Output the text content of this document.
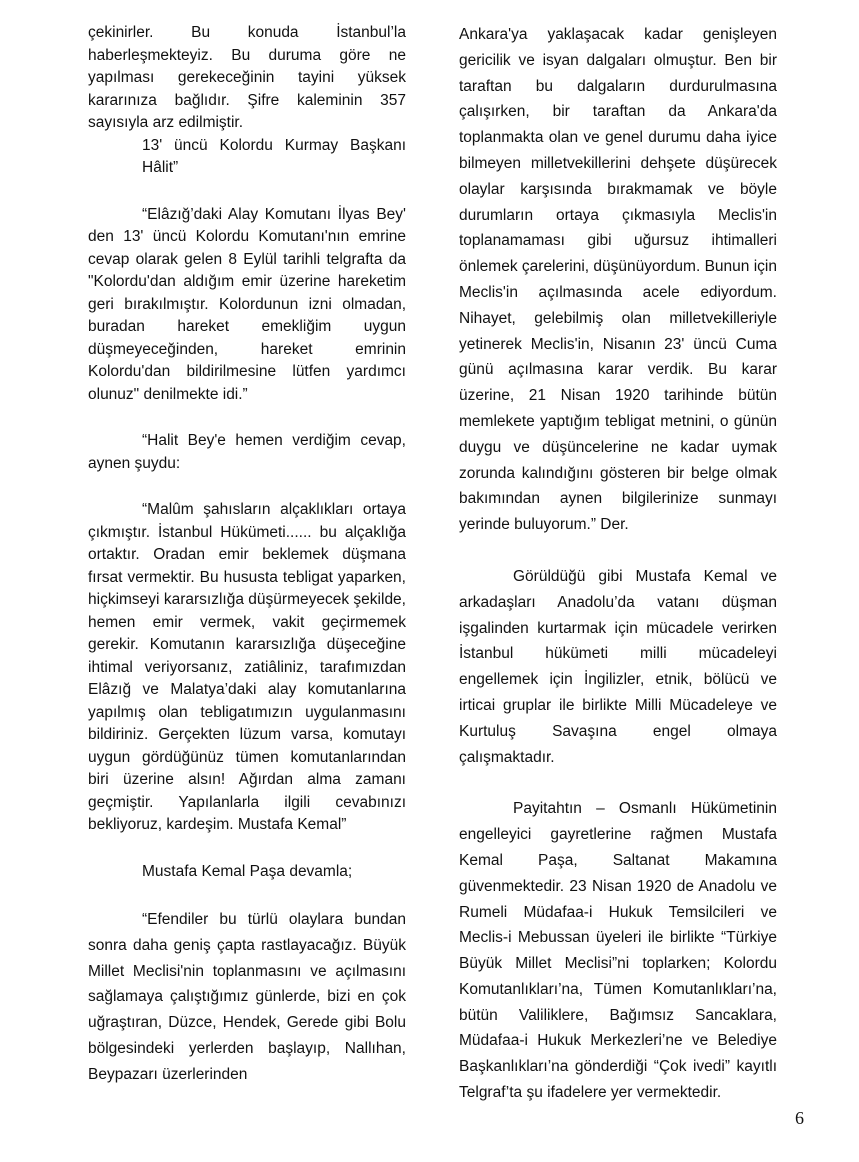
çekinirler. Bu konuda İstanbul’la haberleşmekteyiz. Bu duruma göre ne yapılması gerekeceğinin tayini yüksek kararınıza bağlıdır. Şifre kaleminin 357 sayısıyla arz edilmiştir.

13' üncü Kolordu Kurmay Başkanı Hâlit”

“Elâzığ’daki Alay Komutanı İlyas Bey' den 13' üncü Kolordu Komutanı'nın emrine cevap olarak gelen 8 Eylül tarihli telgrafta da "Kolordu'dan aldığım emir üzerine hareketim geri bırakılmıştır. Kolordunun izni olmadan, buradan hareket emekliğim uygun düşmeyeceğinden, hareket emrinin Kolordu'dan bildirilmesine lütfen yardımcı olunuz" denilmekte idi.”

“Halit Bey'e hemen verdiğim cevap, aynen şuydu:

“Malûm şahısların alçaklıkları ortaya çıkmıştır. İstanbul Hükümeti...... bu alçaklığa ortaktır. Oradan emir beklemek düşmana fırsat vermektir. Bu hususta tebligat yaparken, hiçkimseyi kararsızlığa düşürmeyecek şekilde, hemen emir vermek, vakit geçirmemek gerekir. Komutanın kararsızlığa düşeceğine ihtimal veriyorsanız, zatiâliniz, tarafımızdan Elâzığ ve Malatya’daki alay komutanlarına yapılmış olan tebligatımızın uygulanmasını bildiriniz. Gerçekten lüzum varsa, komutayı uygun gördüğünüz tümen komutanlarından biri üzerine alsın! Ağırdan alma zamanı geçmiştir. Yapılanlarla ilgili cevabınızı bekliyoruz, kardeşim. Mustafa Kemal”

Mustafa Kemal Paşa devamla;

“Efendiler bu türlü olaylara bundan sonra daha geniş çapta rastlayacağız. Büyük Millet Meclisi'nin toplanmasını ve açılmasını sağlamaya çalıştığımız günlerde, bizi en çok uğraştıran, Düzce, Hendek, Gerede gibi Bolu bölgesindeki yerlerden başlayıp, Nallıhan, Beypazarı üzerlerinden

Ankara'ya yaklaşacak kadar genişleyen gericilik ve isyan dalgaları olmuştur. Ben bir taraftan bu dalgaların durdurulmasına çalışırken, bir taraftan da Ankara'da toplanmakta olan ve genel durumu daha iyice bilmeyen milletvekillerini dehşete düşürecek olaylar karşısında bırakmamak ve böyle durumların ortaya çıkmasıyla Meclis'in toplanamaması gibi uğursuz ihtimalleri önlemek çarelerini, düşünüyordum. Bunun için Meclis'in açılmasında acele ediyordum. Nihayet, gelebilmiş olan milletvekilleriyle yetinerek Meclis'in, Nisanın 23' üncü Cuma günü açılmasına karar verdik. Bu karar üzerine, 21 Nisan 1920 tarihinde bütün memlekete yaptığım tebligat metnini, o günün duygu ve düşüncelerine ne kadar uymak zorunda kalındığını gösteren bir belge olmak bakımından aynen bilgilerinize sunmayı yerinde buluyorum.” Der.

Görüldüğü gibi Mustafa Kemal ve arkadaşları Anadolu’da vatanı düşman işgalinden kurtarmak için mücadele verirken İstanbul hükümeti milli mücadeleyi engellemek için İngilizler, etnik, bölücü ve irticai gruplar ile birlikte Milli Mücadeleye ve Kurtuluş Savaşına engel olmaya çalışmaktadır.

Payitahtın – Osmanlı Hükümetinin engelleyici gayretlerine rağmen Mustafa Kemal Paşa, Saltanat Makamına güvenmektedir. 23 Nisan 1920 de Anadolu ve Rumeli Müdafaa-i Hukuk Temsilcileri ve Meclis-i Mebussan üyeleri ile birlikte “Türkiye Büyük Millet Meclisi”ni toplarken; Kolordu Komutanlıkları’na, Tümen Komutanlıkları’na, bütün Valiliklere, Bağımsız Sancaklara, Müdafaa-i Hukuk Merkezleri’ne ve Belediye Başkanlıkları’na gönderdiği “Çok ivedi” kayıtlı Telgraf’ta şu ifadelere yer vermektedir.

6
